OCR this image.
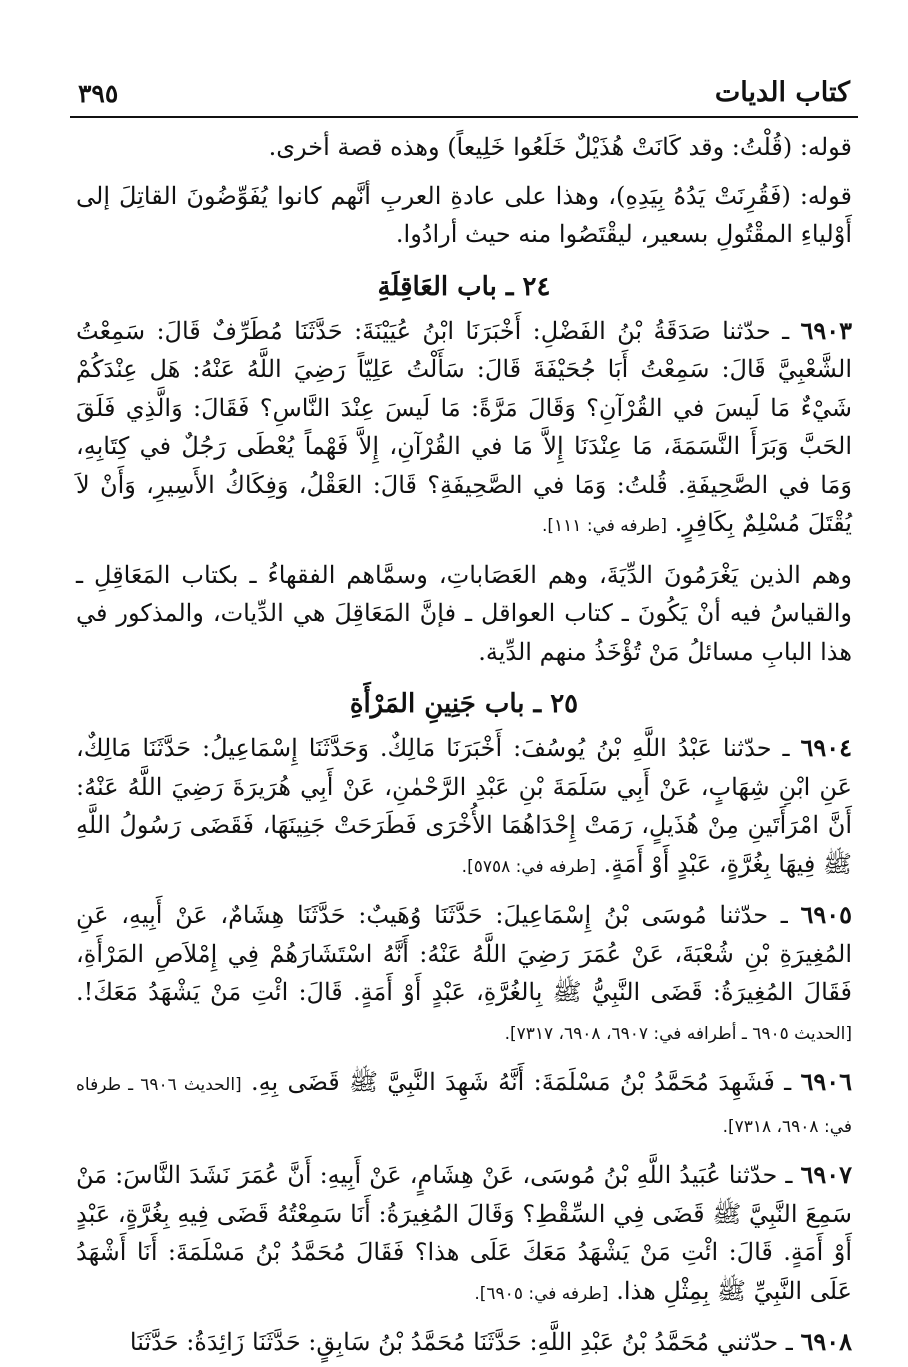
كتاب الديات
٣٩٥

قوله: (قُلْتُ: وقد كَانَتْ هُذَيْلٌ خَلَعُوا خَلِيعاً) وهذه قصة أخرى.

قوله: (فَقُرِنَتْ يَدُهُ بِيَدِهِ)، وهذا على عادةِ العربِ أنَّهم كانوا يُفَوِّضُونَ القاتِلَ إلى أَوْلياءِ المقْتُولِ بسعير، ليقْتَصُوا منه حيث أرادُوا.

٢٤ ـ باب العَاقِلَةِ

٦٩٠٣ ـ حدّثنا صَدَقَةُ بْنُ الفَضْلِ: أَخْبَرَنَا ابْنُ عُيَيْنَةَ: حَدَّثَنَا مُطَرِّفٌ قَالَ: سَمِعْتُ الشَّعْبِيَّ قَالَ: سَمِعْتُ أَبَا جُحَيْفَةَ قَالَ: سَأَلْتُ عَلِيّاً رَضِيَ اللَّهُ عَنْهُ: هَل عِنْدَكُمْ شَيْءٌ مَا لَيسَ في القُرْآنِ؟ وَقَالَ مَرَّةً: مَا لَيسَ عِنْدَ النَّاسِ؟ فَقَالَ: وَالَّذِي فَلَقَ الحَبَّ وَبَرَأَ النَّسَمَةَ، مَا عِنْدَنَا إِلاَّ مَا في القُرْآنِ، إِلاَّ فَهْماً يُعْطَى رَجُلٌ في كِتَابِهِ، وَمَا في الصَّحِيفَةِ. قُلتُ: وَمَا في الصَّحِيفَةِ؟ قَالَ: العَقْلُ، وَفِكَاكُ الأَسِيرِ، وَأَنْ لاَ يُقْتَلَ مُسْلِمٌ بِكَافِرٍ. [طرفه في: ١١١].

وهم الذين يَغْرَمُونَ الدِّيَةَ، وهم العَصَاباتِ، وسمَّاهم الفقهاءُ ـ بكتاب المَعَاقِلِ ـ والقياسُ فيه أنْ يَكُونَ ـ كتاب العواقل ـ فإنَّ المَعَاقِلَ هي الدِّيات، والمذكور في هذا البابِ مسائلُ مَنْ تُؤْخَذُ منهم الدِّية.

٢٥ ـ باب جَنِينِ المَرْأَةِ

٦٩٠٤ ـ حدّثنا عَبْدُ اللَّهِ بْنُ يُوسُفَ: أَخْبَرَنَا مَالِكٌ. وَحَدَّثَنَا إِسْمَاعِيلُ: حَدَّثَنَا مَالِكٌ، عَنِ ابْنِ شِهَابٍ، عَنْ أَبِي سَلَمَةَ بْنِ عَبْدِ الرَّحْمٰنِ، عَنْ أَبِي هُرَيرَةَ رَضِيَ اللَّهُ عَنْهُ: أَنَّ امْرَأَتَينِ مِنْ هُذَيلٍ، رَمَتْ إِحْدَاهُمَا الأُخْرَى فَطَرَحَتْ جَنِينَهَا، فَقَضَى رَسُولُ اللَّهِ ﷺ فِيهَا بِغُرَّةٍ، عَبْدٍ أَوْ أَمَةٍ. [طرفه في: ٥٧٥٨].

٦٩٠٥ ـ حدّثنا مُوسَى بْنُ إِسْمَاعِيلَ: حَدَّثَنَا وُهَيبٌ: حَدَّثَنَا هِشَامٌ، عَنْ أَبِيهِ، عَنِ المُغِيرَةِ بْنِ شُعْبَةَ، عَنْ عُمَرَ رَضِيَ اللَّهُ عَنْهُ: أَنَّهُ اسْتَشَارَهُمْ فِي إِمْلاَصِ المَرْأَةِ، فَقَالَ المُغِيرَةُ: قَضَى النَّبِيُّ ﷺ بِالغُرَّةِ، عَبْدٍ أَوْ أَمَةٍ. قَالَ: ائْتِ مَنْ يَشْهَدُ مَعَكَ!. [الحديث ٦٩٠٥ ـ أطرافه في: ٦٩٠٧، ٦٩٠٨، ٧٣١٧].

٦٩٠٦ ـ فَشَهِدَ مُحَمَّدُ بْنُ مَسْلَمَةَ: أَنَّهُ شَهِدَ النَّبِيَّ ﷺ قَضَى بِهِ. [الحديث ٦٩٠٦ ـ طرفاه في: ٦٩٠٨، ٧٣١٨].

٦٩٠٧ ـ حدّثنا عُبَيدُ اللَّهِ بْنُ مُوسَى، عَنْ هِشَامٍ، عَنْ أَبِيهِ: أَنَّ عُمَرَ نَشَدَ النَّاسَ: مَنْ سَمِعَ النَّبِيَّ ﷺ قَضَى فِي السِّقْطِ؟ وَقَالَ المُغِيرَةُ: أَنَا سَمِعْتُهُ قَضَى فِيهِ بِغُرَّةٍ، عَبْدٍ أَوْ أَمَةٍ. قَالَ: ائْتِ مَنْ يَشْهَدُ مَعَكَ عَلَى هذا؟ فَقَالَ مُحَمَّدُ بْنُ مَسْلَمَةَ: أَنَا أَشْهَدُ عَلَى النَّبِيِّ ﷺ بِمِثْلِ هذا. [طرفه في: ٦٩٠٥].

٦٩٠٨ ـ حدّثني مُحَمَّدُ بْنُ عَبْدِ اللَّهِ: حَدَّثَنَا مُحَمَّدُ بْنُ سَابِقٍ: حَدَّثَنَا زَائِدَةُ: حَدَّثَنَا
